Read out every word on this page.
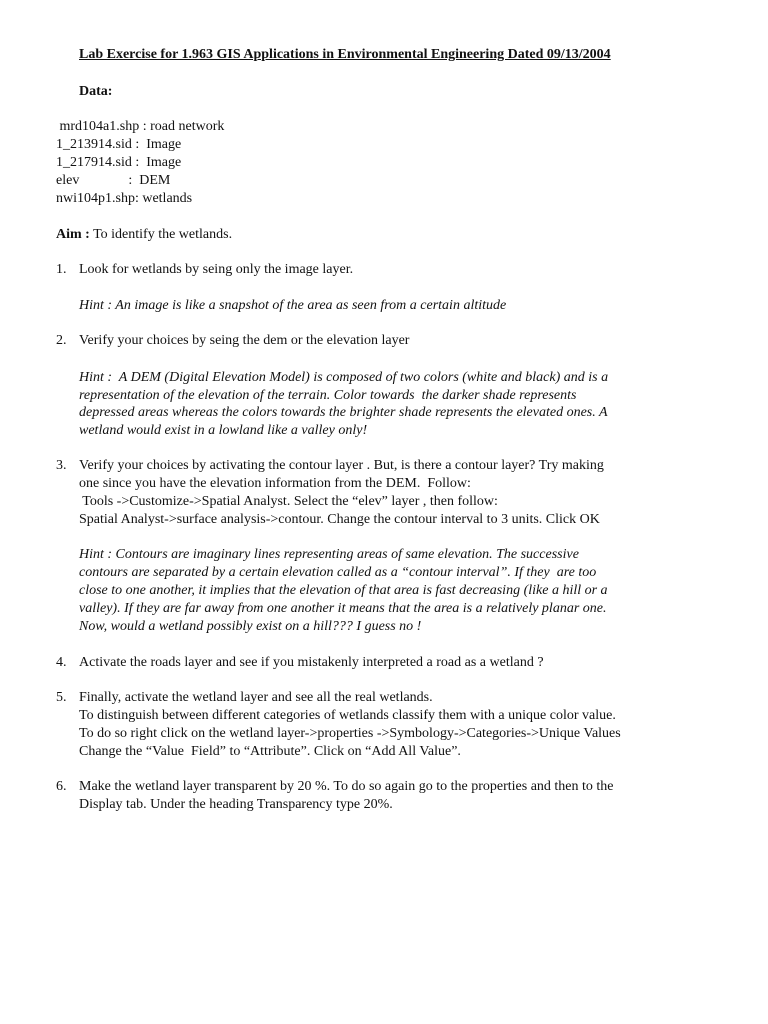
Lab Exercise for 1.963 GIS Applications in Environmental Engineering Dated 09/13/2004
Data:
mrd104a1.shp : road network
1_213914.sid :  Image
1_217914.sid :  Image
elev              :  DEM
nwi104p1.shp: wetlands
Aim : To identify the wetlands.
1. Look for wetlands by seing only the image layer.
Hint : An image is like a snapshot of the area as seen from a certain altitude
2. Verify your choices by seing the dem or the elevation layer
Hint :  A DEM (Digital Elevation Model) is composed of two colors (white and black) and is a
representation of the elevation of the terrain. Color towards  the darker shade represents
depressed areas whereas the colors towards the brighter shade represents the elevated ones. A
wetland would exist in a lowland like a valley only!
3. Verify your choices by activating the contour layer . But, is there a contour layer? Try making
one since you have the elevation information from the DEM.  Follow:
Tools ->Customize->Spatial Analyst. Select the “elev” layer , then follow:
Spatial Analyst->surface analysis->contour. Change the contour interval to 3 units. Click OK
Hint : Contours are imaginary lines representing areas of same elevation. The successive
contours are separated by a certain elevation called as a “contour interval”. If they  are too
close to one another, it implies that the elevation of that area is fast decreasing (like a hill or a
valley). If they are far away from one another it means that the area is a relatively planar one.
Now, would a wetland possibly exist on a hill??? I guess no !
4. Activate the roads layer and see if you mistakenly interpreted a road as a wetland ?
5. Finally, activate the wetland layer and see all the real wetlands.
To distinguish between different categories of wetlands classify them with a unique color value.
To do so right click on the wetland layer->properties ->Symbology->Categories->Unique Values
Change the “Value  Field” to “Attribute”. Click on “Add All Value”.
6. Make the wetland layer transparent by 20 %. To do so again go to the properties and then to the
Display tab. Under the heading Transparency type 20%.
